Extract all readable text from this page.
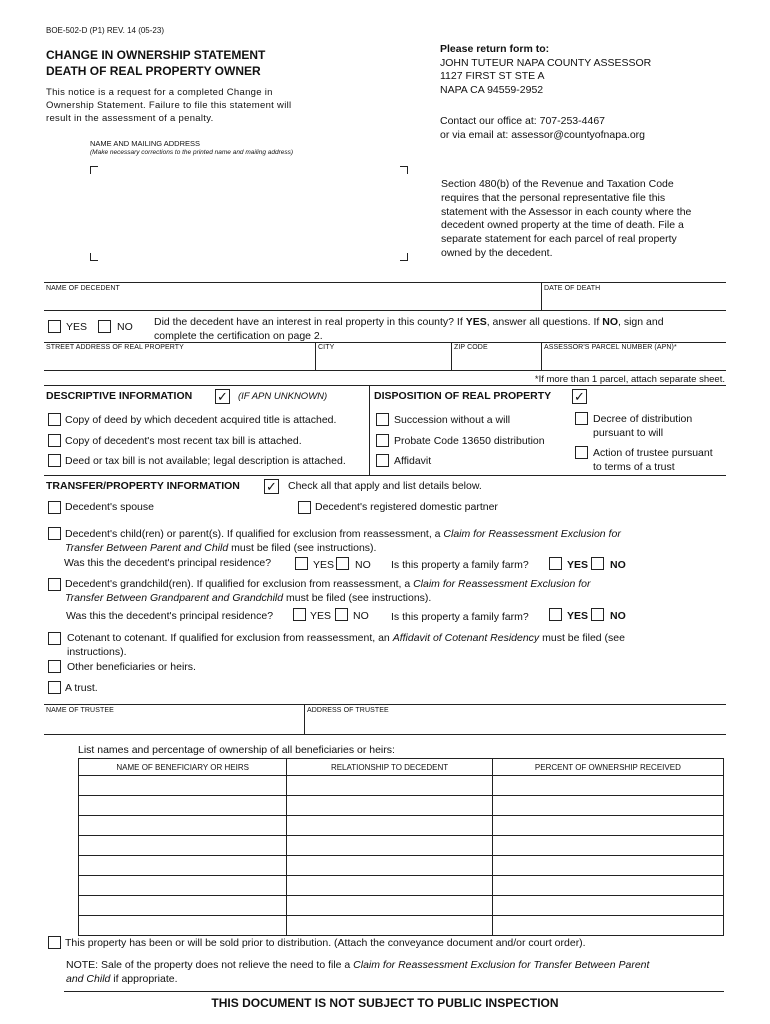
BOE-502-D (P1) REV. 14 (05-23)
CHANGE IN OWNERSHIP STATEMENT
DEATH OF REAL PROPERTY OWNER
This notice is a request for a completed Change in
Ownership Statement. Failure to file this statement will
result in the assessment of a penalty.
Please return form to:
JOHN TUTEUR NAPA COUNTY ASSESSOR
1127 FIRST ST STE A
NAPA CA 94559-2952
Contact our office at: 707-253-4467
or via email at: assessor@countyofnapa.org
NAME AND MAILING ADDRESS
(Make necessary corrections to the printed name and mailing address)
Section 480(b) of the Revenue and Taxation Code
requires that the personal representative file this
statement with the Assessor in each county where the
decedent owned property at the time of death. File a
separate statement for each parcel of real property
owned by the decedent.
NAME OF DECEDENT	DATE OF DEATH
YES	NO Did the decedent have an interest in real property in this county? If YES, answer all questions. If NO, sign and
complete the certification on page 2.
STREET ADDRESS OF REAL PROPERTY	CITY	ZIP CODE	ASSESSOR'S PARCEL NUMBER (APN)*
*If more than 1 parcel, attach separate sheet.
DESCRIPTIVE INFORMATION ✓ (IF APN UNKNOWN)
Copy of deed by which decedent acquired title is attached.
Copy of decedent's most recent tax bill is attached.
Deed or tax bill is not available; legal description is attached.
DISPOSITION OF REAL PROPERTY ✓
Succession without a will
Probate Code 13650 distribution
Affidavit
Decree of distribution
pursuant to will
Action of trustee pursuant
to terms of a trust
TRANSFER/PROPERTY INFORMATION ✓ Check all that apply and list details below.
Decedent's spouse	Decedent's registered domestic partner
Decedent's child(ren) or parent(s). If qualified for exclusion from reassessment, a Claim for Reassessment Exclusion for
Transfer Between Parent and Child must be filed (see instructions).
Was this the decedent's principal residence?	YES NO Is this property a family farm?	YES NO
Decedent's grandchild(ren). If qualified for exclusion from reassessment, a Claim for Reassessment Exclusion for
Transfer Between Grandparent and Grandchild must be filed (see instructions).
Was this the decedent's principal residence?	YES NO Is this property a family farm?	YES NO
Cotenant to cotenant. If qualified for exclusion from reassessment, an Affidavit of Cotenant Residency must be filed (see
instructions).
Other beneficiaries or heirs.
A trust.
NAME OF TRUSTEE	ADDRESS OF TRUSTEE
List names and percentage of ownership of all beneficiaries or heirs:
NAME OF BENEFICIARY OR HEIRS	RELATIONSHIP TO DECEDENT	PERCENT OF OWNERSHIP RECEIVED

This property has been or will be sold prior to distribution. (Attach the conveyance document and/or court order).
NOTE: Sale of the property does not relieve the need to file a Claim for Reassessment Exclusion for Transfer Between Parent
and Child if appropriate.
THIS DOCUMENT IS NOT SUBJECT TO PUBLIC INSPECTION
